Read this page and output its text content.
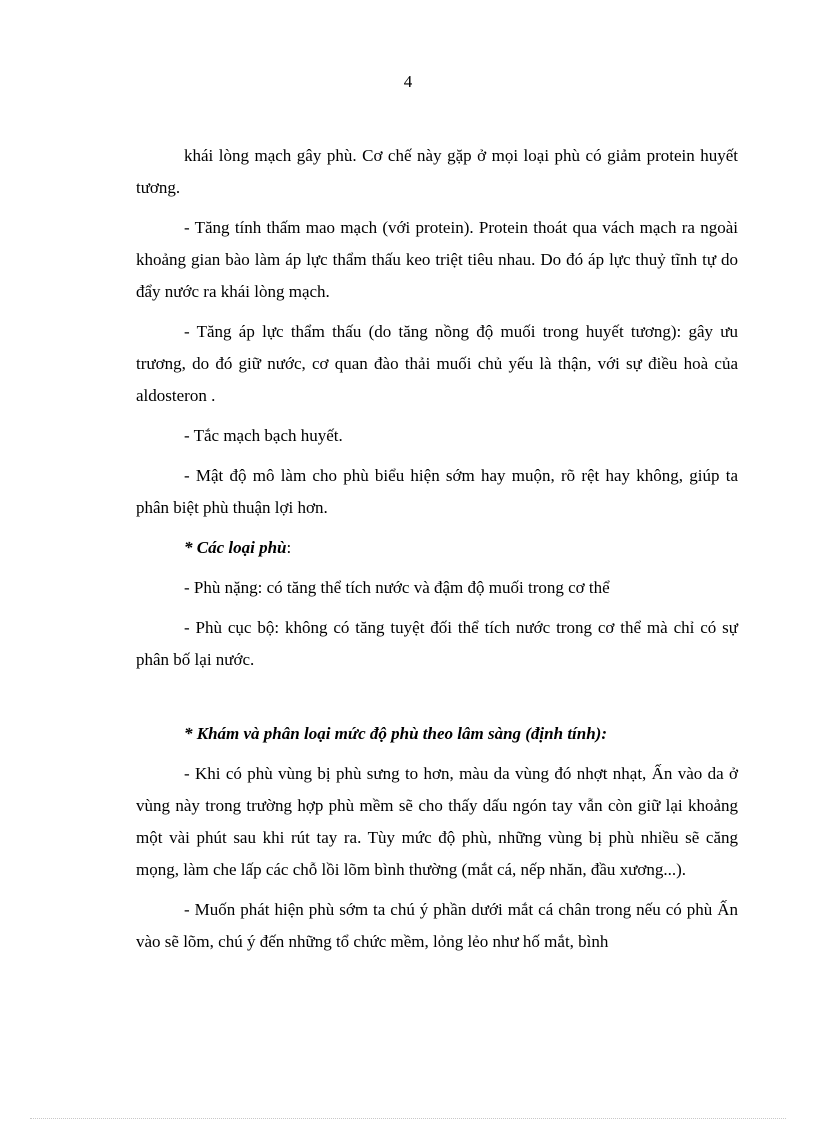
4

khái lòng mạch gây phù. Cơ chế này gặp ở mọi loại phù có giảm protein huyết tương.

- Tăng tính thấm mao mạch (với protein). Protein thoát qua vách mạch ra ngoài khoảng gian bào làm áp lực thẩm thấu keo triệt tiêu nhau. Do đó áp lực thuỷ tĩnh tự do đẩy nước ra khái lòng mạch.

- Tăng áp lực thẩm thấu (do tăng nồng độ muối trong huyết tương): gây ưu trương, do đó giữ nước, cơ quan đào thải muối chủ yếu là thận, với sự điều hoà của aldosteron .

- Tắc mạch bạch huyết.

- Mật độ mô làm cho phù biểu hiện sớm hay muộn, rõ rệt hay không, giúp ta phân biệt phù thuận lợi hơn.

* Các loại phù:

- Phù nặng: có tăng thể tích nước và đậm độ muối trong cơ thể

- Phù cục bộ: không có tăng tuyệt đối thể tích nước trong cơ thể mà chỉ có sự phân bố lại nước.

* Khám và phân loại mức độ phù theo lâm sàng (định tính):

- Khi có phù vùng bị phù sưng to hơn, màu da vùng đó nhợt nhạt, Ấn vào da ở vùng này trong trường hợp phù mềm sẽ cho thấy dấu ngón tay vẫn còn giữ lại khoảng một vài phút sau khi rút tay ra. Tùy mức độ phù, những vùng bị phù nhiều sẽ căng mọng, làm che lấp các chỗ lồi lõm bình thường (mắt cá, nếp nhăn, đầu xương...).

- Muốn phát hiện phù sớm ta chú ý phần dưới mắt cá chân trong nếu có phù Ấn vào sẽ lõm, chú ý đến những tổ chức mềm, lỏng lẻo như hố mắt, bình
